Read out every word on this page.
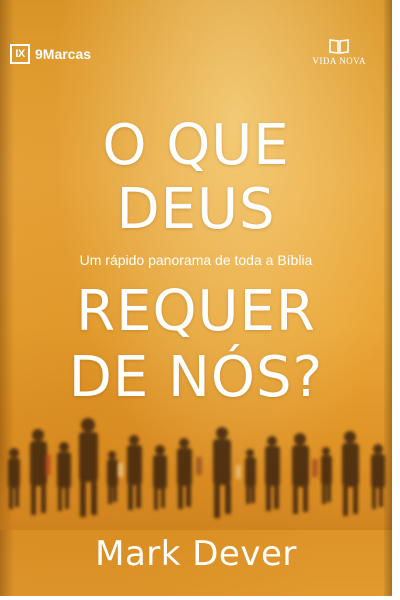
IX 9Marcas	VIDA NOVA
O QUE
DEUS
Um rápido panorama de toda a Bíblia
REQUER
DE NÓS?
Mark Dever
